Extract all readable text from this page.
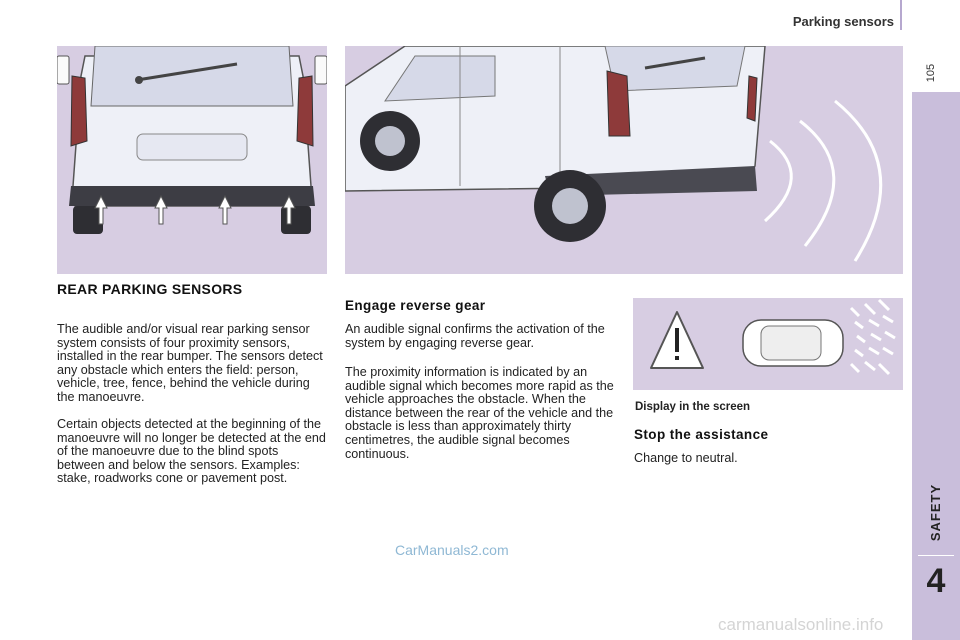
Parking sensors
105
SAFETY
4
REAR PARKING SENSORS

The audible and/or visual rear parking sensor system consists of four proximity sensors, installed in the rear bumper. The sensors detect any obstacle which enters the field: person, vehicle, tree, fence, behind the vehicle during the manoeuvre.

Certain objects detected at the beginning of the manoeuvre will no longer be detected at the end of the manoeuvre due to the blind spots between and below the sensors. Examples: stake, roadworks cone or pavement post.

Engage reverse gear

An audible signal confirms the activation of the system by engaging reverse gear.

The proximity information is indicated by an audible signal which becomes more rapid as the vehicle approaches the obstacle. When the distance between the rear of the vehicle and the obstacle is less than approximately thirty centimetres, the audible signal becomes continuous.

Display in the screen
Stop the assistance

Change to neutral.

CarManuals2.com
carmanualsonline.info
